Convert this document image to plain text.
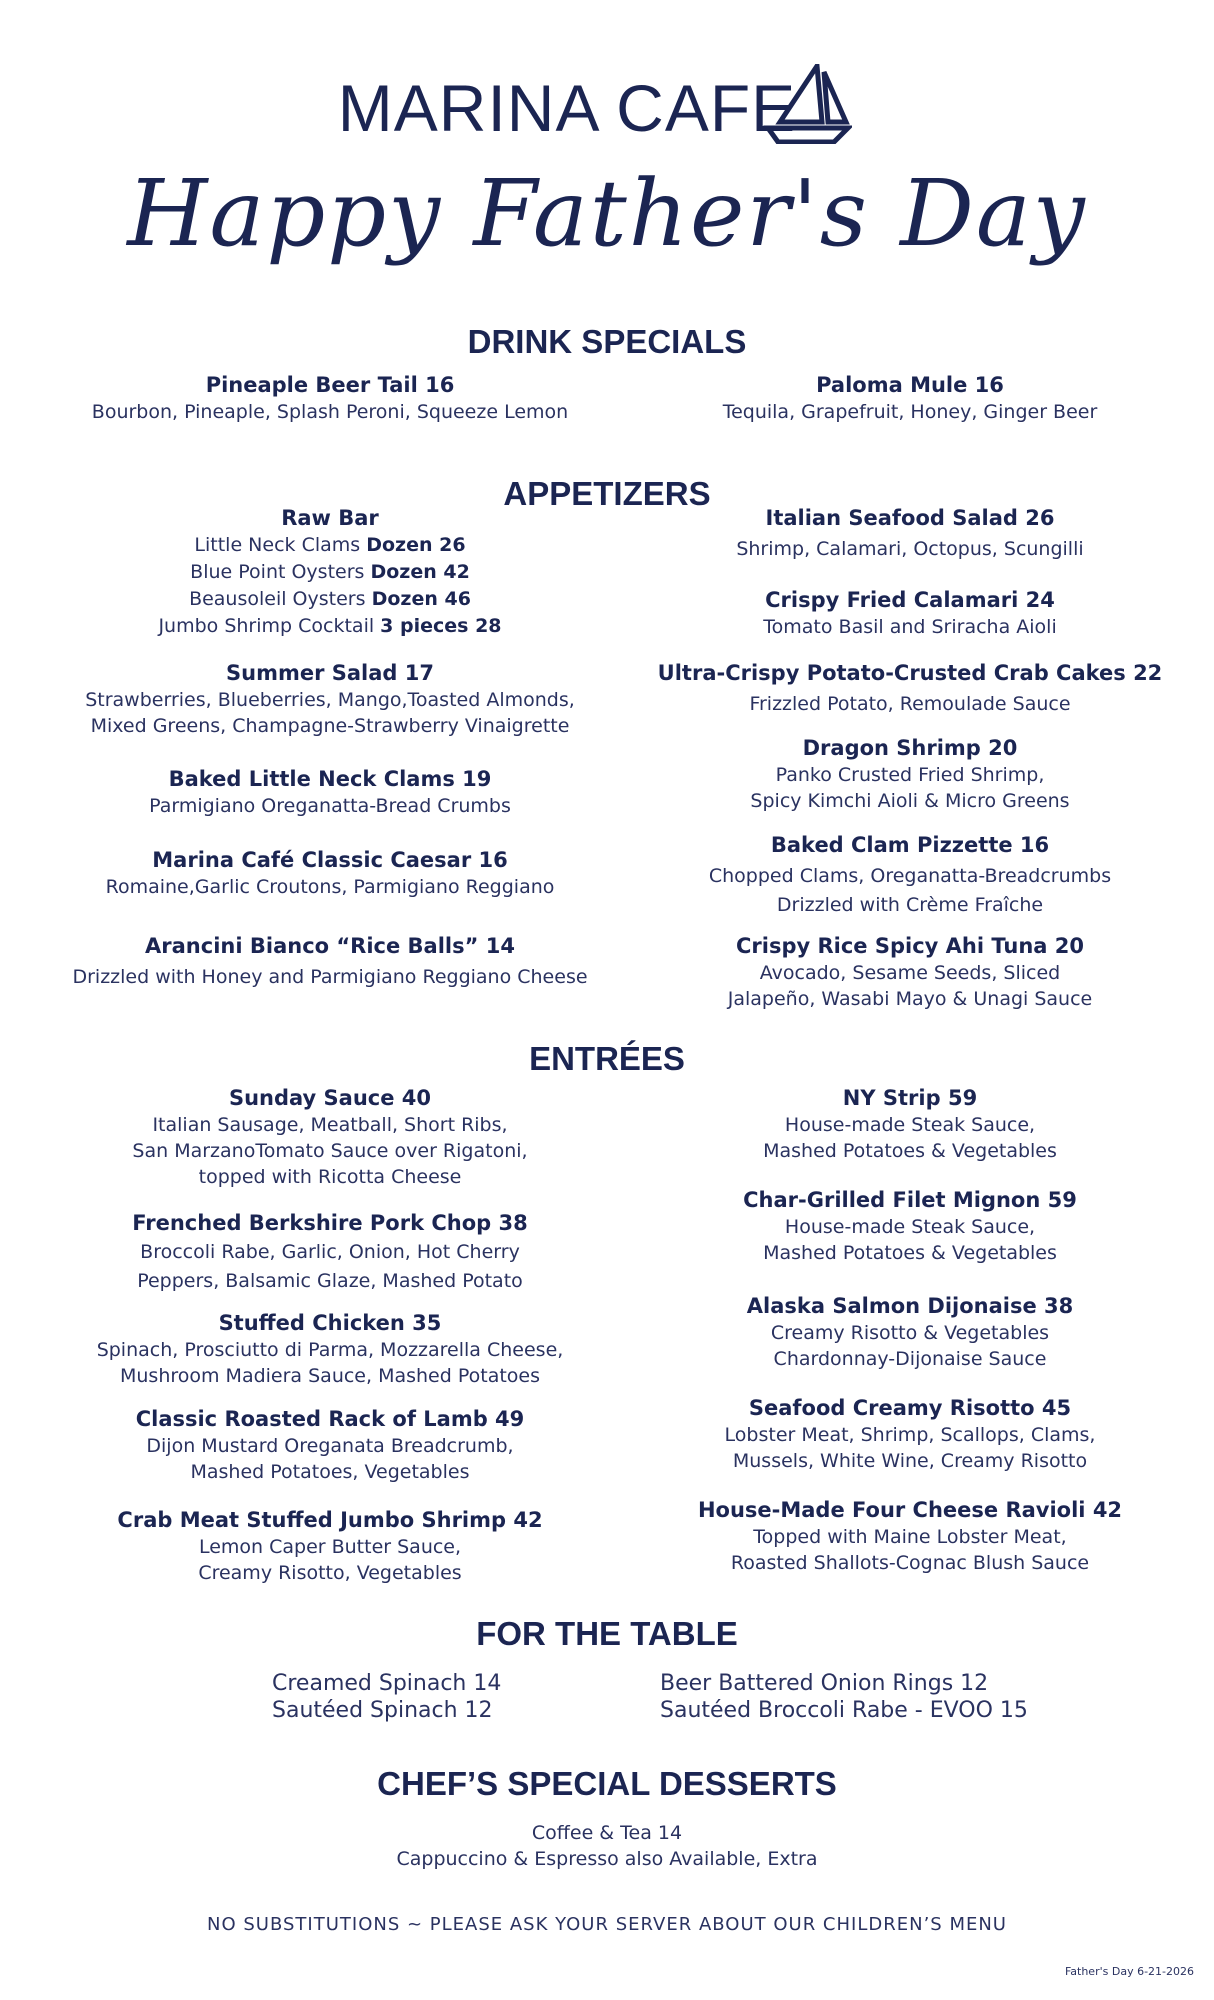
MARINA CAFE
Happy Father's Day
DRINK SPECIALS
Pineaple Beer Tail 16
Bourbon, Pineaple, Splash Peroni, Squeeze Lemon
Paloma Mule 16
Tequila, Grapefruit, Honey, Ginger Beer
APPETIZERS
Raw Bar
Little Neck Clams Dozen 26
Blue Point Oysters Dozen 42
Beausoleil Oysters Dozen 46
Jumbo Shrimp Cocktail 3 pieces 28
Summer Salad 17
Strawberries, Blueberries, Mango,Toasted Almonds,
Mixed Greens, Champagne-Strawberry Vinaigrette
Baked Little Neck Clams 19
Parmigiano Oreganatta-Bread Crumbs
Marina Café Classic Caesar 16
Romaine,Garlic Croutons, Parmigiano Reggiano
Arancini Bianco “Rice Balls” 14
Drizzled with Honey and Parmigiano Reggiano Cheese
Italian Seafood Salad 26
Shrimp, Calamari, Octopus, Scungilli
Crispy Fried Calamari 24
Tomato Basil and Sriracha Aioli
Ultra-Crispy Potato-Crusted Crab Cakes 22
Frizzled Potato, Remoulade Sauce
Dragon Shrimp 20
Panko Crusted Fried Shrimp,
Spicy Kimchi Aioli & Micro Greens
Baked Clam Pizzette 16
Chopped Clams, Oreganatta-Breadcrumbs
Drizzled with Crème Fraîche
Crispy Rice Spicy Ahi Tuna 20
Avocado, Sesame Seeds, Sliced
Jalapeño, Wasabi Mayo & Unagi Sauce
ENTRÉES
Sunday Sauce 40
Italian Sausage, Meatball, Short Ribs,
San MarzanoTomato Sauce over Rigatoni,
topped with Ricotta Cheese
Frenched Berkshire Pork Chop 38
Broccoli Rabe, Garlic, Onion, Hot Cherry
Peppers, Balsamic Glaze, Mashed Potato
Stuffed Chicken 35
Spinach, Prosciutto di Parma, Mozzarella Cheese,
Mushroom Madiera Sauce, Mashed Potatoes
Classic Roasted Rack of Lamb 49
Dijon Mustard Oreganata Breadcrumb,
Mashed Potatoes, Vegetables
Crab Meat Stuffed Jumbo Shrimp 42
Lemon Caper Butter Sauce,
Creamy Risotto, Vegetables
NY Strip 59
House-made Steak Sauce,
Mashed Potatoes & Vegetables
Char-Grilled Filet Mignon 59
House-made Steak Sauce,
Mashed Potatoes & Vegetables
Alaska Salmon Dijonaise 38
Creamy Risotto & Vegetables
Chardonnay-Dijonaise Sauce
Seafood Creamy Risotto 45
Lobster Meat, Shrimp, Scallops, Clams,
Mussels, White Wine, Creamy Risotto
House-Made Four Cheese Ravioli 42
Topped with Maine Lobster Meat,
Roasted Shallots-Cognac Blush Sauce
FOR THE TABLE
Creamed Spinach 14
Sautéed Spinach 12
Beer Battered Onion Rings 12
Sautéed Broccoli Rabe - EVOO 15
CHEF’S SPECIAL DESSERTS
Coffee & Tea 14
Cappuccino & Espresso also Available, Extra
NO SUBSTITUTIONS ~ PLEASE ASK YOUR SERVER ABOUT OUR CHILDREN’S MENU
Father's Day 6-21-2026
